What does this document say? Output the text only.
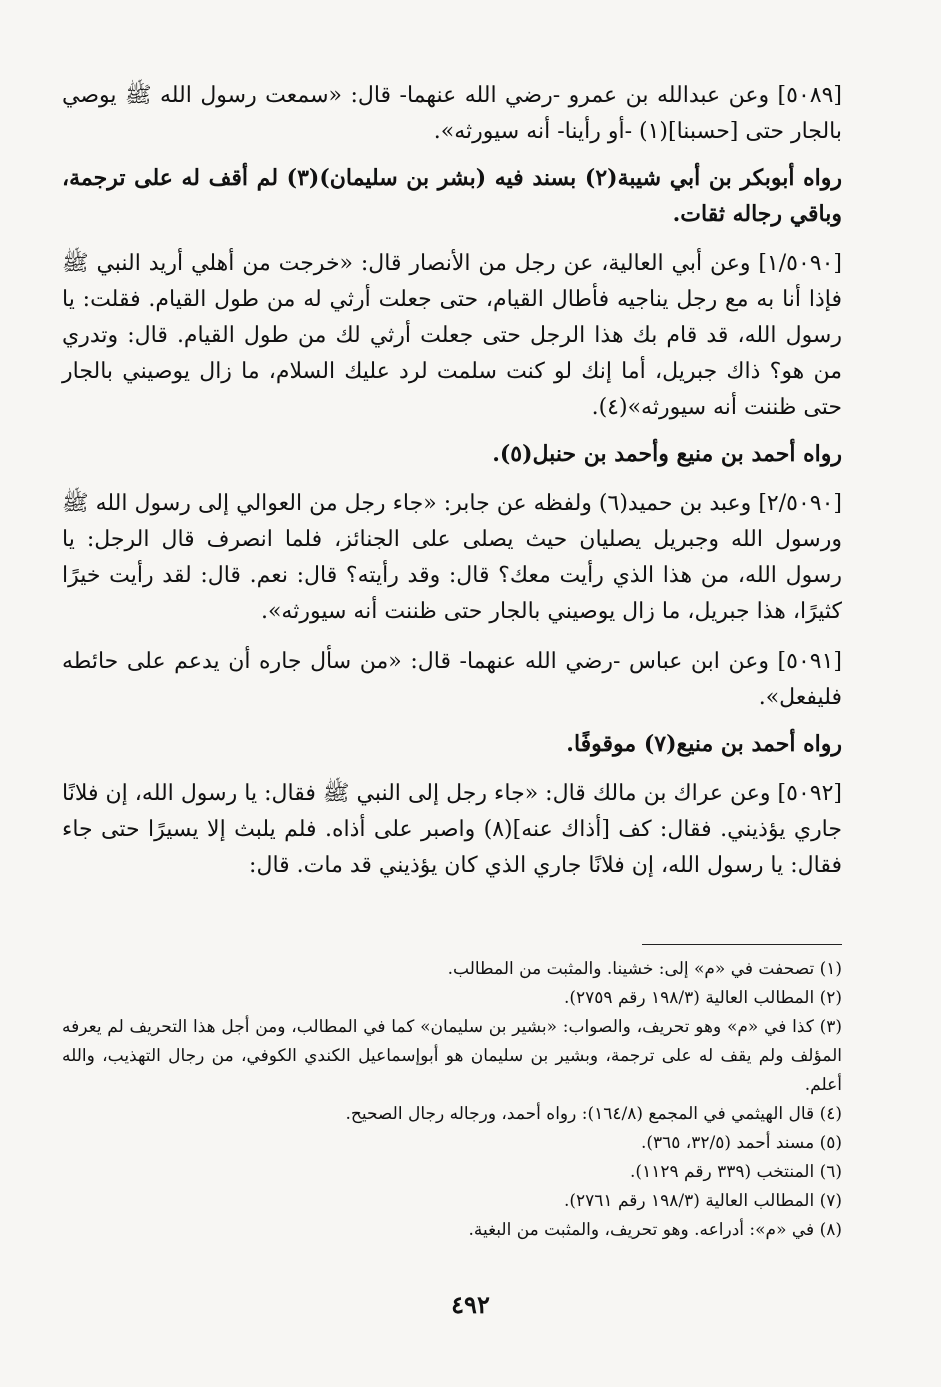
[٥٠٨٩] وعن عبدالله بن عمرو -رضي الله عنهما- قال: «سمعت رسول الله ﷺ يوصي بالجار حتى [حسبنا](١) -أو رأينا- أنه سيورثه».

رواه أبوبكر بن أبي شيبة(٢) بسند فيه (بشر بن سليمان)(٣) لم أقف له على ترجمة، وباقي رجاله ثقات.

[١/٥٠٩٠] وعن أبي العالية، عن رجل من الأنصار قال: «خرجت من أهلي أريد النبي ﷺ فإذا أنا به مع رجل يناجيه فأطال القيام، حتى جعلت أرثي له من طول القيام. فقلت: يا رسول الله، قد قام بك هذا الرجل حتى جعلت أرثي لك من طول القيام. قال: وتدري من هو؟ ذاك جبريل، أما إنك لو كنت سلمت لرد عليك السلام، ما زال يوصيني بالجار حتى ظننت أنه سيورثه»(٤).

رواه أحمد بن منيع وأحمد بن حنبل(٥).

[٢/٥٠٩٠] وعبد بن حميد(٦) ولفظه عن جابر: «جاء رجل من العوالي إلى رسول الله ﷺ ورسول الله وجبريل يصليان حيث يصلى على الجنائز، فلما انصرف قال الرجل: يا رسول الله، من هذا الذي رأيت معك؟ قال: وقد رأيته؟ قال: نعم. قال: لقد رأيت خيرًا كثيرًا، هذا جبريل، ما زال يوصيني بالجار حتى ظننت أنه سيورثه».

[٥٠٩١] وعن ابن عباس -رضي الله عنهما- قال: «من سأل جاره أن يدعم على حائطه فليفعل».

رواه أحمد بن منيع(٧) موقوفًا.

[٥٠٩٢] وعن عراك بن مالك قال: «جاء رجل إلى النبي ﷺ فقال: يا رسول الله، إن فلانًا جاري يؤذيني. فقال: كف [أذاك عنه](٨) واصبر على أذاه. فلم يلبث إلا يسيرًا حتى جاء فقال: يا رسول الله، إن فلانًا جاري الذي كان يؤذيني قد مات. قال:

(١) تصحفت في «م» إلى: خشينا. والمثبت من المطالب.

(٢) المطالب العالية (١٩٨/٣ رقم ٢٧٥٩).

(٣) كذا في «م» وهو تحريف، والصواب: «بشير بن سليمان» كما في المطالب، ومن أجل هذا التحريف لم يعرفه المؤلف ولم يقف له على ترجمة، وبشير بن سليمان هو أبوإسماعيل الكندي الكوفي، من رجال التهذيب، والله أعلم.

(٤) قال الهيثمي في المجمع (١٦٤/٨): رواه أحمد، ورجاله رجال الصحيح.

(٥) مسند أحمد (٣٢/٥، ٣٦٥).

(٦) المنتخب (٣٣٩ رقم ١١٢٩).

(٧) المطالب العالية (١٩٨/٣ رقم ٢٧٦١).

(٨) في «م»: أدراعه. وهو تحريف، والمثبت من البغية.

٤٩٢
